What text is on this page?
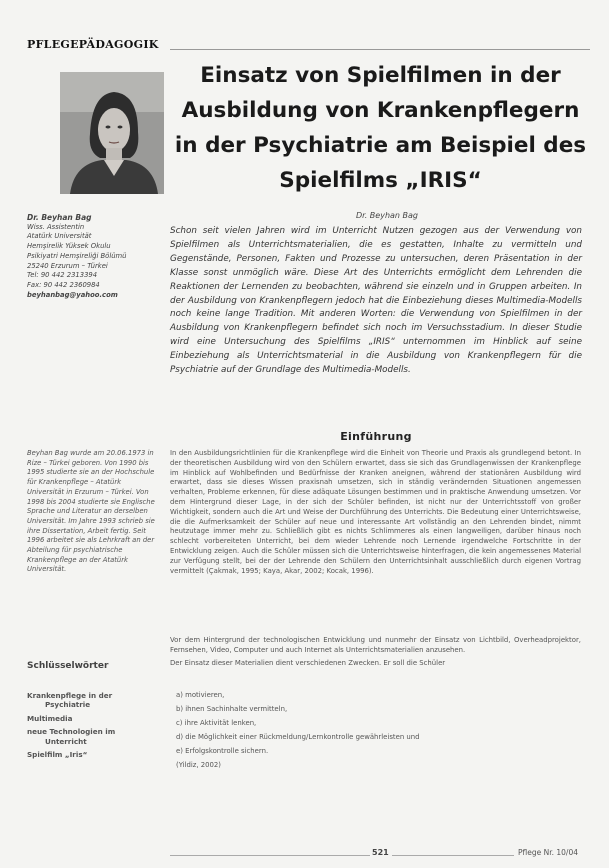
PFLEGEPÄDAGOGIK
Einsatz von Spielfilmen in der Ausbildung von Krankenpflegern in der Psychiatrie am Beispiel des Spielfilms „IRIS“
Dr. Beyhan Bag
Schon seit vielen Jahren wird im Unterricht Nutzen gezogen aus der Verwendung von Spielfilmen als Unterrichtsmaterialien, die es gestatten, Inhalte zu vermitteln und Gegenstände, Personen, Fakten und Prozesse zu untersuchen, deren Präsentation in der Klasse sonst unmöglich wäre. Diese Art des Unterrichts ermöglicht dem Lehrenden die Reaktionen der Lernenden zu beobachten, während sie einzeln und in Gruppen arbeiten. In der Ausbildung von Krankenpflegern jedoch hat die Einbeziehung dieses Multimedia-Modells noch keine lange Tradition. Mit anderen Worten: die Verwendung von Spielfilmen in der Ausbildung von Krankenpflegern befindet sich noch im Versuchsstadium. In dieser Studie wird eine Untersuchung des Spielfilms „IRIS“ unternommen im Hinblick auf seine Einbeziehung als Unterrichtsmaterial in die Ausbildung von Krankenpflegern für die Psychiatrie auf der Grundlage des Multimedia-Modells.
Dr. Beyhan Bag
Wiss. Assistentin
Atatürk Universität
Hemşirelik Yüksek Okulu
Psikiyatri Hemşireliği Bölümü
25240 Erzurum – Türkei
Tel: 90 442 2313394
Fax: 90 442 2360984
beyhanbag@yahoo.com
Beyhan Bag wurde am 20.06.1973 in Rize – Türkei geboren. Von 1990 bis 1995 studierte sie an der Hochschule für Krankenpflege – Atatürk Universität in Erzurum – Türkei. Von 1998 bis 2004 studierte sie Englische Sprache und Literatur an derselben Universität. Im Jahre 1993 schrieb sie ihre Dissertation, Arbeit fertig. Seit 1996 arbeitet sie als Lehrkraft an der Abteilung für psychiatrische Krankenpflege an der Atatürk Universität.
Schlüsselwörter
Krankenpflege in der
Psychiatrie
Multimedia
neue Technologien im
Unterricht
Spielfilm „Iris“
Einführung
In den Ausbildungsrichtlinien für die Krankenpflege wird die Einheit von Theorie und Praxis als grundlegend betont. In der theoretischen Ausbildung wird von den Schülern erwartet, dass sie sich das Grundlagenwissen der Krankenpflege im Hinblick auf Wohlbefinden und Bedürfnisse der Kranken aneignen, während der stationären Ausbildung wird erwartet, dass sie dieses Wissen praxisnah umsetzen, sich in ständig verändernden Situationen angemessen verhalten, Probleme erkennen, für diese adäquate Lösungen bestimmen und in praktische Anwendung umsetzen. Vor dem Hintergrund dieser Lage, in der sich der Schüler befinden, ist nicht nur der Unterrichtsstoff von großer Wichtigkeit, sondern auch die Art und Weise der Durchführung des Unterrichts. Die Bedeutung einer Unterrichtsweise, die die Aufmerksamkeit der Schüler auf neue und interessante Art vollständig an den Lehrenden bindet, nimmt heutzutage immer mehr zu. Schließlich gibt es nichts Schlimmeres als einen langweiligen, darüber hinaus noch schlecht vorbereiteten Unterricht, bei dem wieder Lehrende noch Lernende irgendwelche Fortschritte in der Entwicklung zeigen. Auch die Schüler müssen sich die Unterrichtsweise hinterfragen, die kein angemessenes Material zur Verfügung stellt, bei der der Lehrende den Schülern den Unterrichtsinhalt ausschließlich durch eigenen Vortrag vermittelt (Çakmak, 1995; Kaya, Akar, 2002; Kocak, 1996).
Vor dem Hintergrund der technologischen Entwicklung und nunmehr der Einsatz von Lichtbild, Overheadprojektor, Fernsehen, Video, Computer und auch Internet als Unterrichtsmaterialien anzusehen.
Der Einsatz dieser Materialien dient verschiedenen Zwecken. Er soll die Schüler
a) motivieren,
b) ihnen Sachinhalte vermitteln,
c) ihre Aktivität lenken,
d) die Möglichkeit einer Rückmeldung/Lernkontrolle gewährleisten und
e) Erfolgskontrolle sichern.
(Yildiz, 2002)
521	Pflege Nr. 10/04
